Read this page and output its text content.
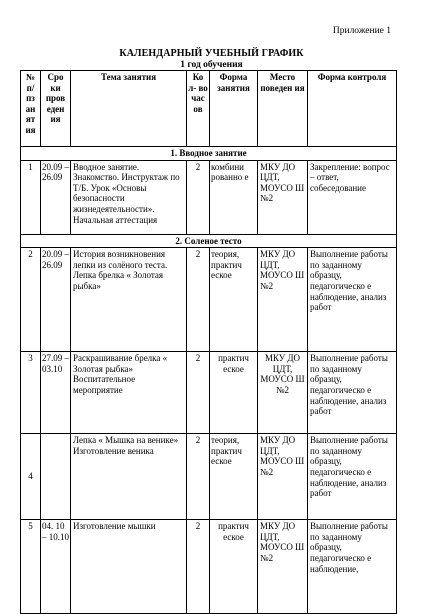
Приложение 1
КАЛЕНДАРНЫЙ УЧЕБНЫЙ ГРАФИК
1 год обучения
№ п/ пз ан ят ия	Сро ки пров еден ия	Тема занятия	Ко л- во час ов	Форма занятия	Место поведен ия	Форма контроля
1. Вводное занятие						
1	20.09 – 26.09	Вводное занятие. Знакомство. Инструктаж по Т/Б. Урок «Основы безопасности жизнедеятельности». Начальная аттестация	2	комбини рованно е	МКУ ДО ЦДТ, МОУСО Ш №2	Закрепление: вопрос – ответ, собеседование
2. Соленое тесто						
2	20.09 – 26.09	История возникновения лепки из солёного теста. Лепка брелка « Золотая рыбка»	2	теория, практич еское	МКУ ДО ЦДТ, МОУСО Ш №2	Выполнение работы по заданному образцу, педагогическо е наблюдение, анализ работ
3	27.09 – 03.10	Раскрашивание брелка « Золотая рыбка» Воспитательное мероприятие	2	практич еское	МКУ ДО ЦДТ, МОУСО Ш №2	Выполнение работы по заданному образцу, педагогическо е наблюдение, анализ работ
4		Лепка « Мышка на венике» Изготовление веника	2	теория, практич еское	МКУ ДО ЦДТ, МОУСО Ш №2	Выполнение работы по заданному образцу, педагогическо е наблюдение, анализ работ
5	04. 10 – 10.10	Изготовление мышки	2	практич еское	МКУ ДО ЦДТ, МОУСО Ш №2	Выполнение работы по заданному образцу, педагогическо е наблюдение,
